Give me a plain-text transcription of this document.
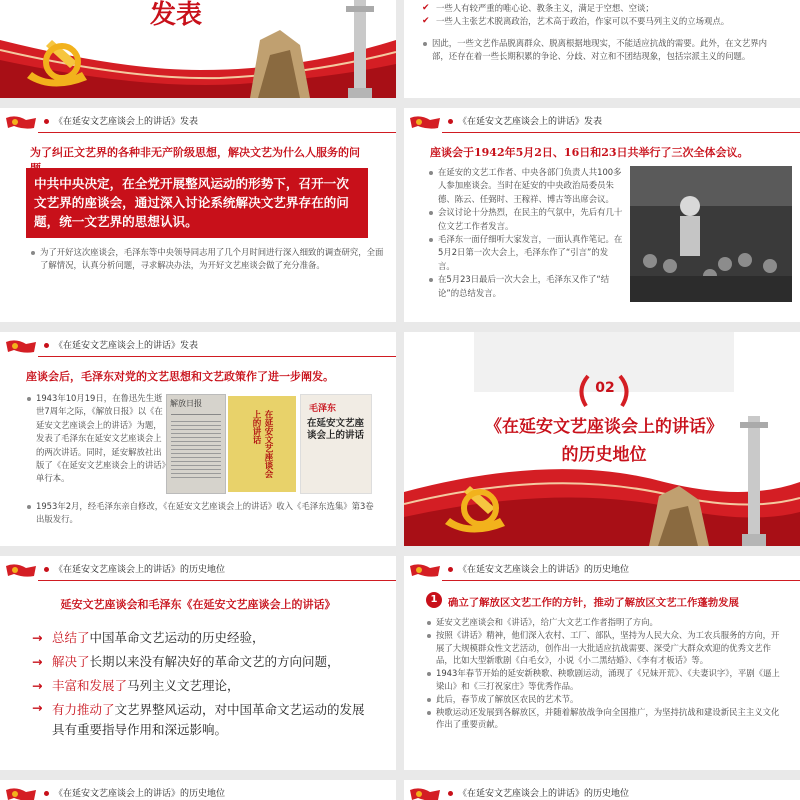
发表	✔ 一些人有较严重的唯心论、教条主义，满足于空想、空谈；
✔ 一些人主张艺术脱离政治，艺术高于政治，作家可以不要马列主义的立场观点。
因此，一些文艺作品脱离群众、脱离根据地现实，不能适应抗战的需要。此外，在文艺界内部，还存在着一些长期积累的争论、分歧、对立和不团结现象，包括宗派主义的问题。
《在延安文艺座谈会上的讲话》发表
为了纠正文艺界的各种非无产阶级思想，解决文艺为什么人服务的问
中共中央决定，在全党开展整风运动的形势下，召开一次文艺界的座谈会，通过深入讨论系统解决文艺界存在的问题，统一文艺界的思想认识。
为了开好这次座谈会，毛泽东等中央领导同志用了几个月时间进行深入细致的调查研究，全面了解情况，认真分析问题，寻求解决办法，为开好文艺座谈会做了充分准备。
《在延安文艺座谈会上的讲话》发表
座谈会于1942年5月2日、16日和23日共举行了三次全体会议。
在延安的文艺工作者、中央各部门负责人共100多人参加座谈会。当时在延安的中央政治局委员朱德、陈云、任弼时、王稼祥、博古等出席会议。
会议讨论十分热烈，在民主的气氛中，先后有几十位文艺工作者发言。
毛泽东一面仔细听大家发言，一面认真作笔记。在5月2日第一次大会上，毛泽东作了“引言”的发言。
在5月23日最后一次大会上，毛泽东又作了“结论”的总结发言。
《在延安文艺座谈会上的讲话》发表
座谈会后，毛泽东对党的文艺思想和文艺政策作了进一步阐发。
1943年10月19日，在鲁迅先生逝世7周年之际，《解放日报》以《在延安文艺座谈会上的讲话》为题，发表了毛泽东在延安文艺座谈会上的两次讲话。同时，延安解放社出版了《在延安文艺座谈会上的讲话》单行本。
1953年2月，经毛泽东亲自修改，《在延安文艺座谈会上的讲话》收入《毛泽东选集》第3卷出版发行。
解放日报
在延安文艺座谈会上的讲话
毛泽东
在延安文艺座谈会上的讲话
02
《在延安文艺座谈会上的讲话》
的历史地位
《在延安文艺座谈会上的讲话》的历史地位
延安文艺座谈会和毛泽东《在延安文艺座谈会上的讲话》
→ 总结了中国革命文艺运动的历史经验，
→ 解决了长期以来没有解决好的革命文艺的方向问题，
→ 丰富和发展了马列主义文艺理论，
→ 有力推动了文艺界整风运动，对中国革命文艺运动的发展具有重要指导作用和深远影响。
《在延安文艺座谈会上的讲话》的历史地位
1	确立了解放区文艺工作的方针，推动了解放区文艺工作蓬勃发展
延安文艺座谈会和《讲话》，给广大文艺工作者指明了方向。
按照《讲话》精神，他们深入农村、工厂、部队，坚持为人民大众、为工农兵服务的方向，开展了大规模群众性文艺活动，创作出一大批适应抗战需要、深受广大群众欢迎的优秀文艺作品，比如大型新歌剧《白毛女》，小说《小二黑结婚》、《李有才板话》等。
1943年春节开始的延安新秧歌、秧歌剧运动，涌现了《兄妹开荒》、《夫妻识字》，平剧《逼上梁山》和《三打祝家庄》等优秀作品。
此后，春节成了解放区农民的艺术节。
秧歌运动还发展到各解放区，并随着解放战争向全国推广，为坚持抗战和建设新民主主义文化作出了重要贡献。
《在延安文艺座谈会上的讲话》的历史地位	《在延安文艺座谈会上的讲话》的历史地位
